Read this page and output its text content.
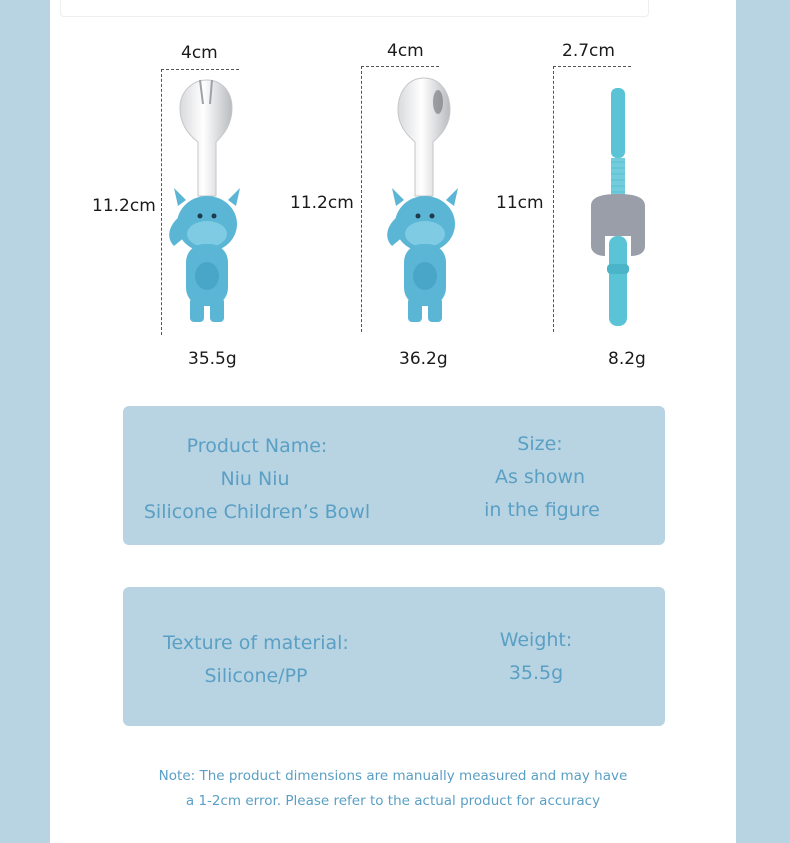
4cm
11.2cm
35.5g
4cm
11.2cm
36.2g
2.7cm
11cm
8.2g
Product Name:
Niu Niu
Silicone Children’s Bowl
Size:
As shown
in the figure
Texture of material:
Silicone/PP
Weight:
35.5g
Note: The product dimensions are manually measured and may have
a 1-2cm error. Please refer to the actual product for accuracy
